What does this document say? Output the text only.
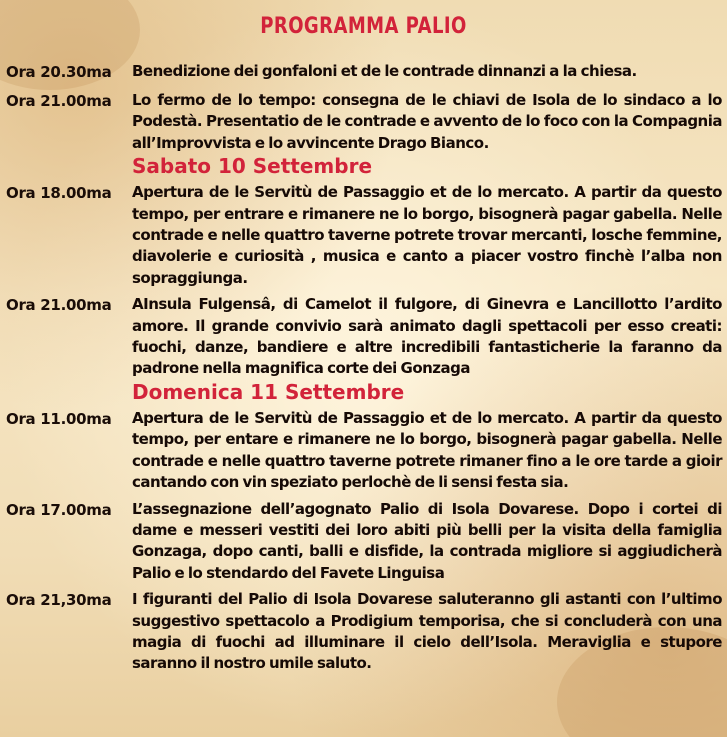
PROGRAMMA PALIO
Ora 20.30ma	Benedizione dei gonfaloni et de le contrade dinnanzi a la chiesa.
Ora 21.00ma	Lo fermo de lo tempo: consegna de le chiavi de Isola de lo sindaco a lo Podestà. Presentatio de le contrade e avvento de lo foco con la Compagnia all’Improvvista e lo avvincente Drago Bianco.
Sabato 10 Settembre
Ora 18.00ma	Apertura de le Servitù de Passaggio et de lo mercato. A partir da questo tempo, per entrare e rimanere ne lo borgo, bisognerà pagar gabella. Nelle contrade e nelle quattro taverne potrete trovar mercanti, losche femmine, diavolerie e curiosità , musica e canto a piacer vostro finchè l’alba non sopraggiunga.
Ora 21.00ma	AInsula Fulgensâ, di Camelot il fulgore, di Ginevra e Lancillotto l’ardito amore. Il grande convivio sarà animato dagli spettacoli per esso creati: fuochi, danze, bandiere e altre incredibili fantasticherie la faranno da padrone nella magnifica corte dei Gonzaga
Domenica 11 Settembre
Ora 11.00ma	Apertura de le Servitù de Passaggio et de lo mercato. A partir da questo tempo, per entare e rimanere ne lo borgo, bisognerà pagar gabella. Nelle contrade e nelle quattro taverne potrete rimaner fino a le ore tarde a gioir cantando con vin speziato perlochè de li sensi festa sia.
Ora 17.00ma	L’assegnazione dell’agognato Palio di Isola Dovarese. Dopo i cortei di dame e messeri vestiti dei loro abiti più belli per la visita della famiglia Gonzaga, dopo canti, balli e disfide, la contrada migliore si aggiudicherà Palio e lo stendardo del Favete Linguisa
Ora 21,30ma	I figuranti del Palio di Isola Dovarese saluteranno gli astanti con l’ultimo suggestivo spettacolo a Prodigium temporisa, che si concluderà con una magia di fuochi ad illuminare il cielo dell’Isola. Meraviglia e stupore saranno il nostro umile saluto.
